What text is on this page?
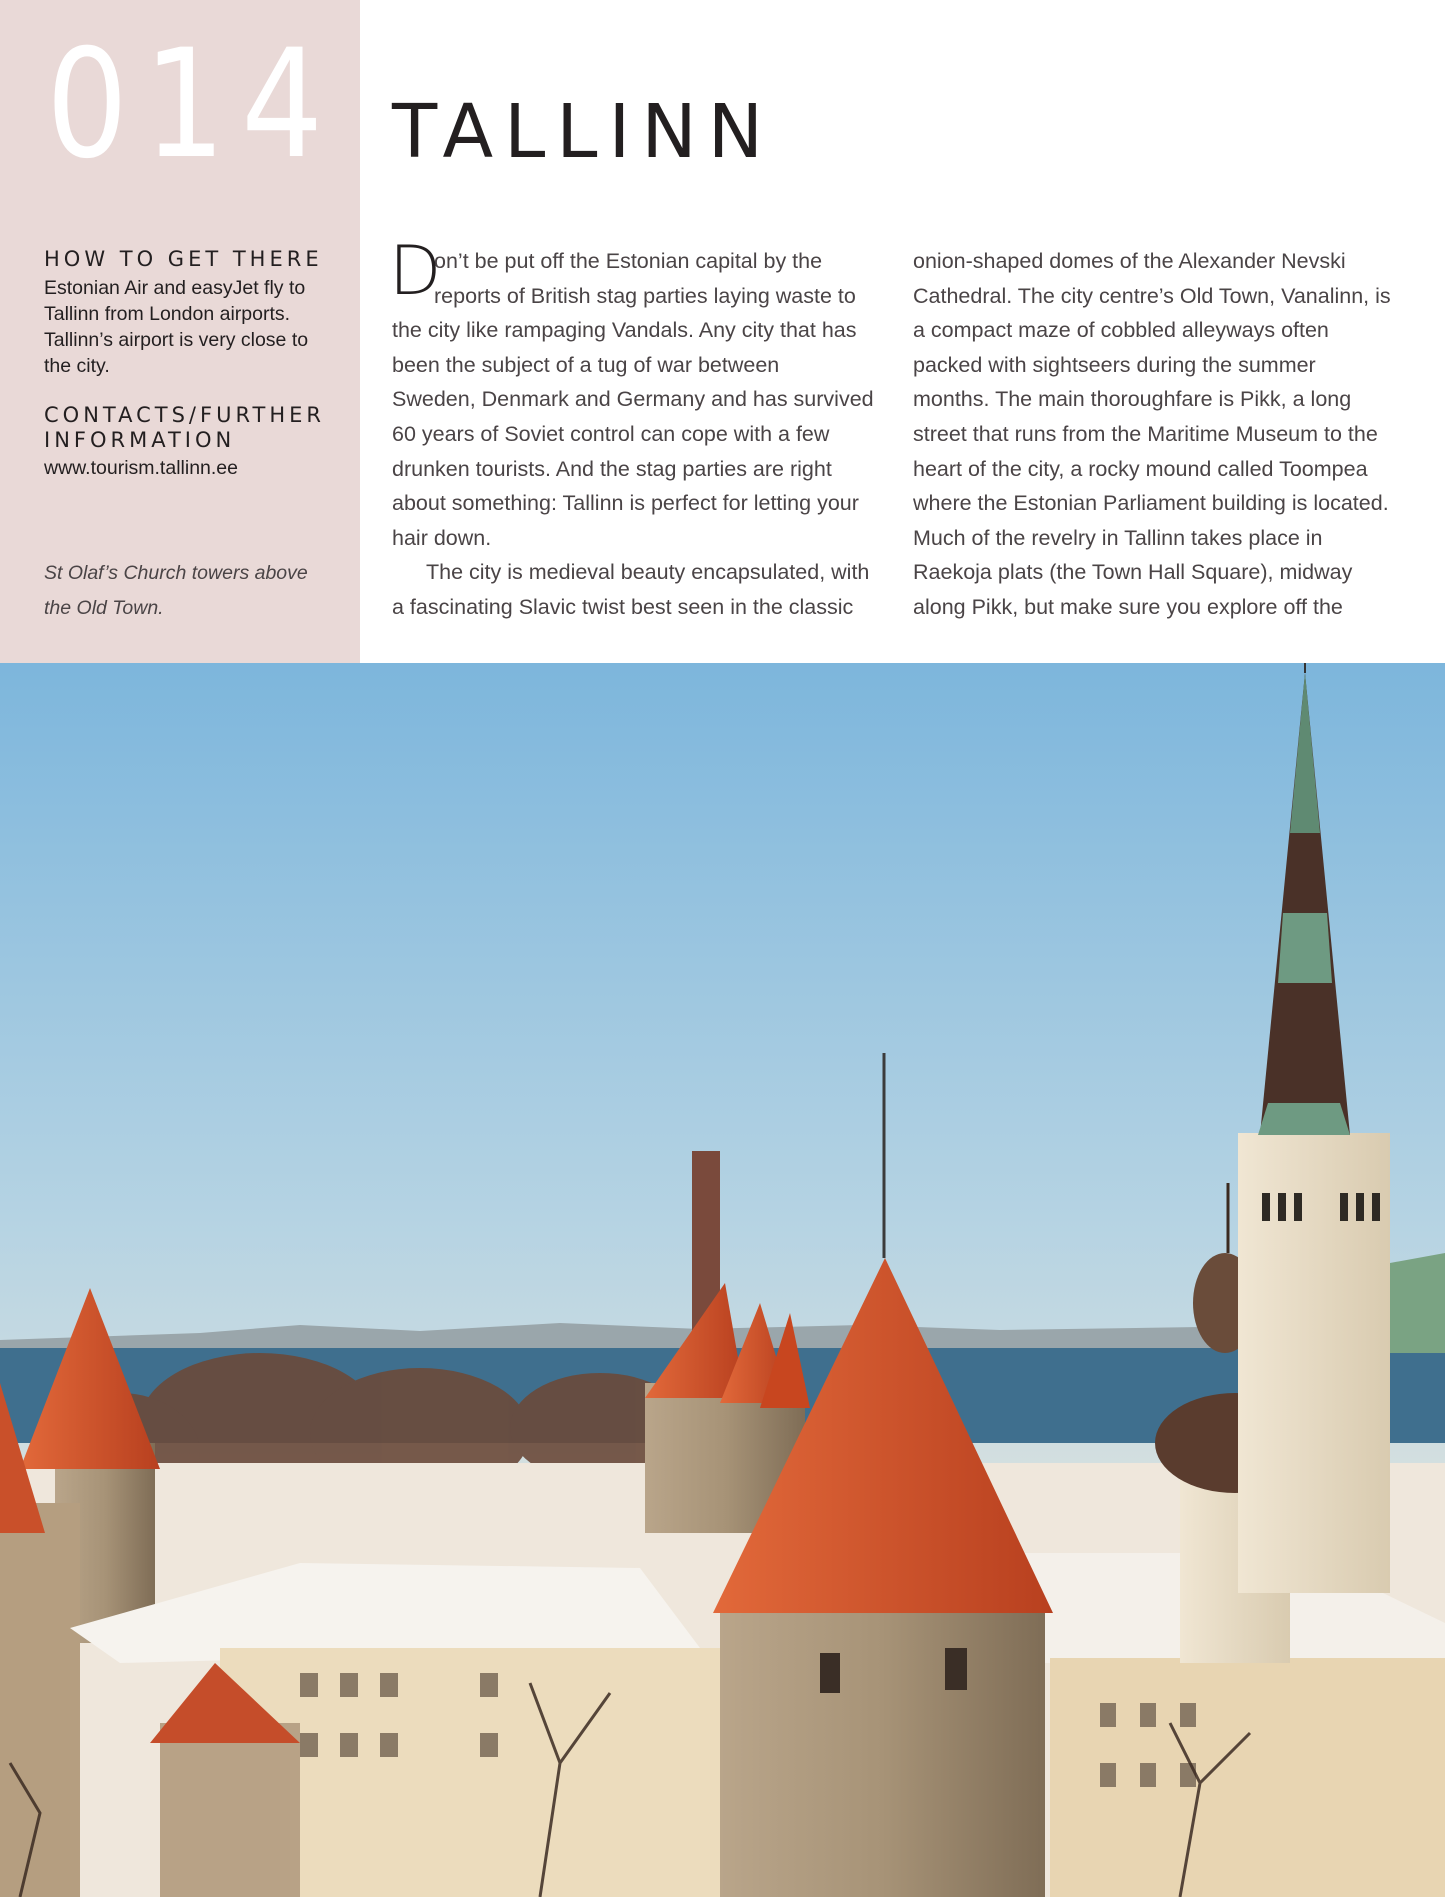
014
HOW TO GET THERE
Estonian Air and easyJet fly to
Tallinn from London airports.
Tallinn’s airport is very close to
the city.
CONTACTS/FURTHER
INFORMATION
www.tourism.tallinn.ee
St Olaf’s Church towers above
the Old Town.
TALLINN
D
on’t be put off the Estonian capital by the
reports of British stag parties laying waste to
the city like rampaging Vandals. Any city that has
been the subject of a tug of war between
Sweden, Denmark and Germany and has survived
60 years of Soviet control can cope with a few
drunken tourists. And the stag parties are right
about something: Tallinn is perfect for letting your
hair down.
The city is medieval beauty encapsulated, with
a fascinating Slavic twist best seen in the classic
onion-shaped domes of the Alexander Nevski
Cathedral. The city centre’s Old Town, Vanalinn, is
a compact maze of cobbled alleyways often
packed with sightseers during the summer
months. The main thoroughfare is Pikk, a long
street that runs from the Maritime Museum to the
heart of the city, a rocky mound called Toompea
where the Estonian Parliament building is located.
Much of the revelry in Tallinn takes place in
Raekoja plats (the Town Hall Square), midway
along Pikk, but make sure you explore off the
